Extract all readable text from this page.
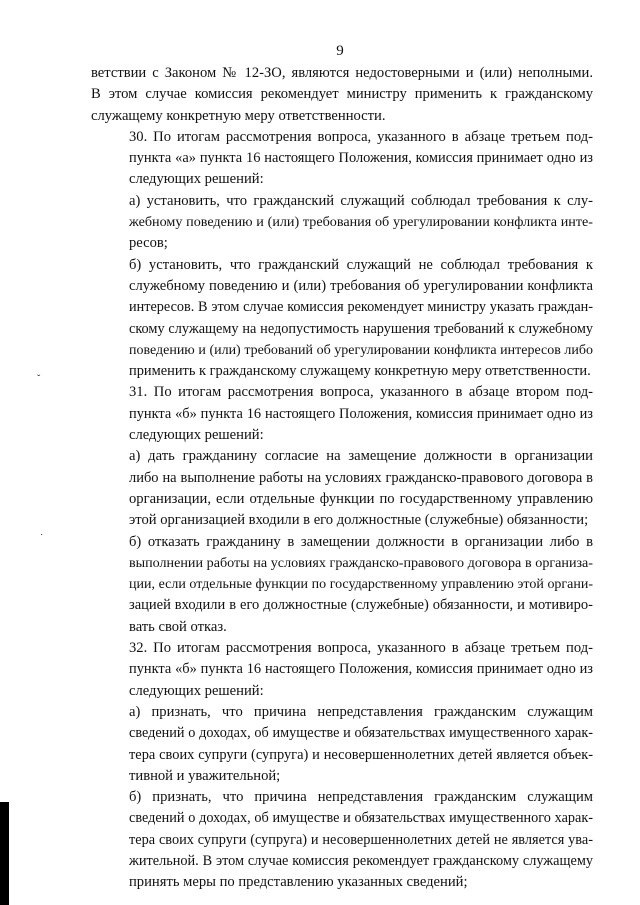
9
ˇ
˙

ветствии с Законом № 12-ЗО, являются недостоверными и (или) неполными.
В этом случае комиссия рекомендует министру применить к гражданскому
служащему конкретную меру ответственности.

30. По итогам рассмотрения вопроса, указанного в абзаце третьем под-
пункта «а» пункта 16 настоящего Положения, комиссия принимает одно из
следующих решений:

а) установить, что гражданский служащий соблюдал требования к слу-
жебному поведению и (или) требования об урегулировании конфликта инте-
ресов;

б) установить, что гражданский служащий не соблюдал требования к
служебному поведению и (или) требования об урегулировании конфликта
интересов. В этом случае комиссия рекомендует министру указать граждан-
скому служащему на недопустимость нарушения требований к служебному
поведению и (или) требований об урегулировании конфликта интересов либо
применить к гражданскому служащему конкретную меру ответственности.

31. По итогам рассмотрения вопроса, указанного в абзаце втором под-
пункта «б» пункта 16 настоящего Положения, комиссия принимает одно из
следующих решений:

а) дать гражданину согласие на замещение должности в организации
либо на выполнение работы на условиях гражданско-правового договора в
организации, если отдельные функции по государственному управлению
этой организацией входили в его должностные (служебные) обязанности;

б) отказать гражданину в замещении должности в организации либо в
выполнении работы на условиях гражданско-правового договора в организа-
ции, если отдельные функции по государственному управлению этой органи-
зацией входили в его должностные (служебные) обязанности, и мотивиро-
вать свой отказ.

32. По итогам рассмотрения вопроса, указанного в абзаце третьем под-
пункта «б» пункта 16 настоящего Положения, комиссия принимает одно из
следующих решений:

а) признать, что причина непредставления гражданским служащим
сведений о доходах, об имуществе и обязательствах имущественного харак-
тера своих супруги (супруга) и несовершеннолетних детей является объек-
тивной и уважительной;

б) признать, что причина непредставления гражданским служащим
сведений о доходах, об имуществе и обязательствах имущественного харак-
тера своих супруги (супруга) и несовершеннолетних детей не является ува-
жительной. В этом случае комиссия рекомендует гражданскому служащему
принять меры по представлению указанных сведений;
